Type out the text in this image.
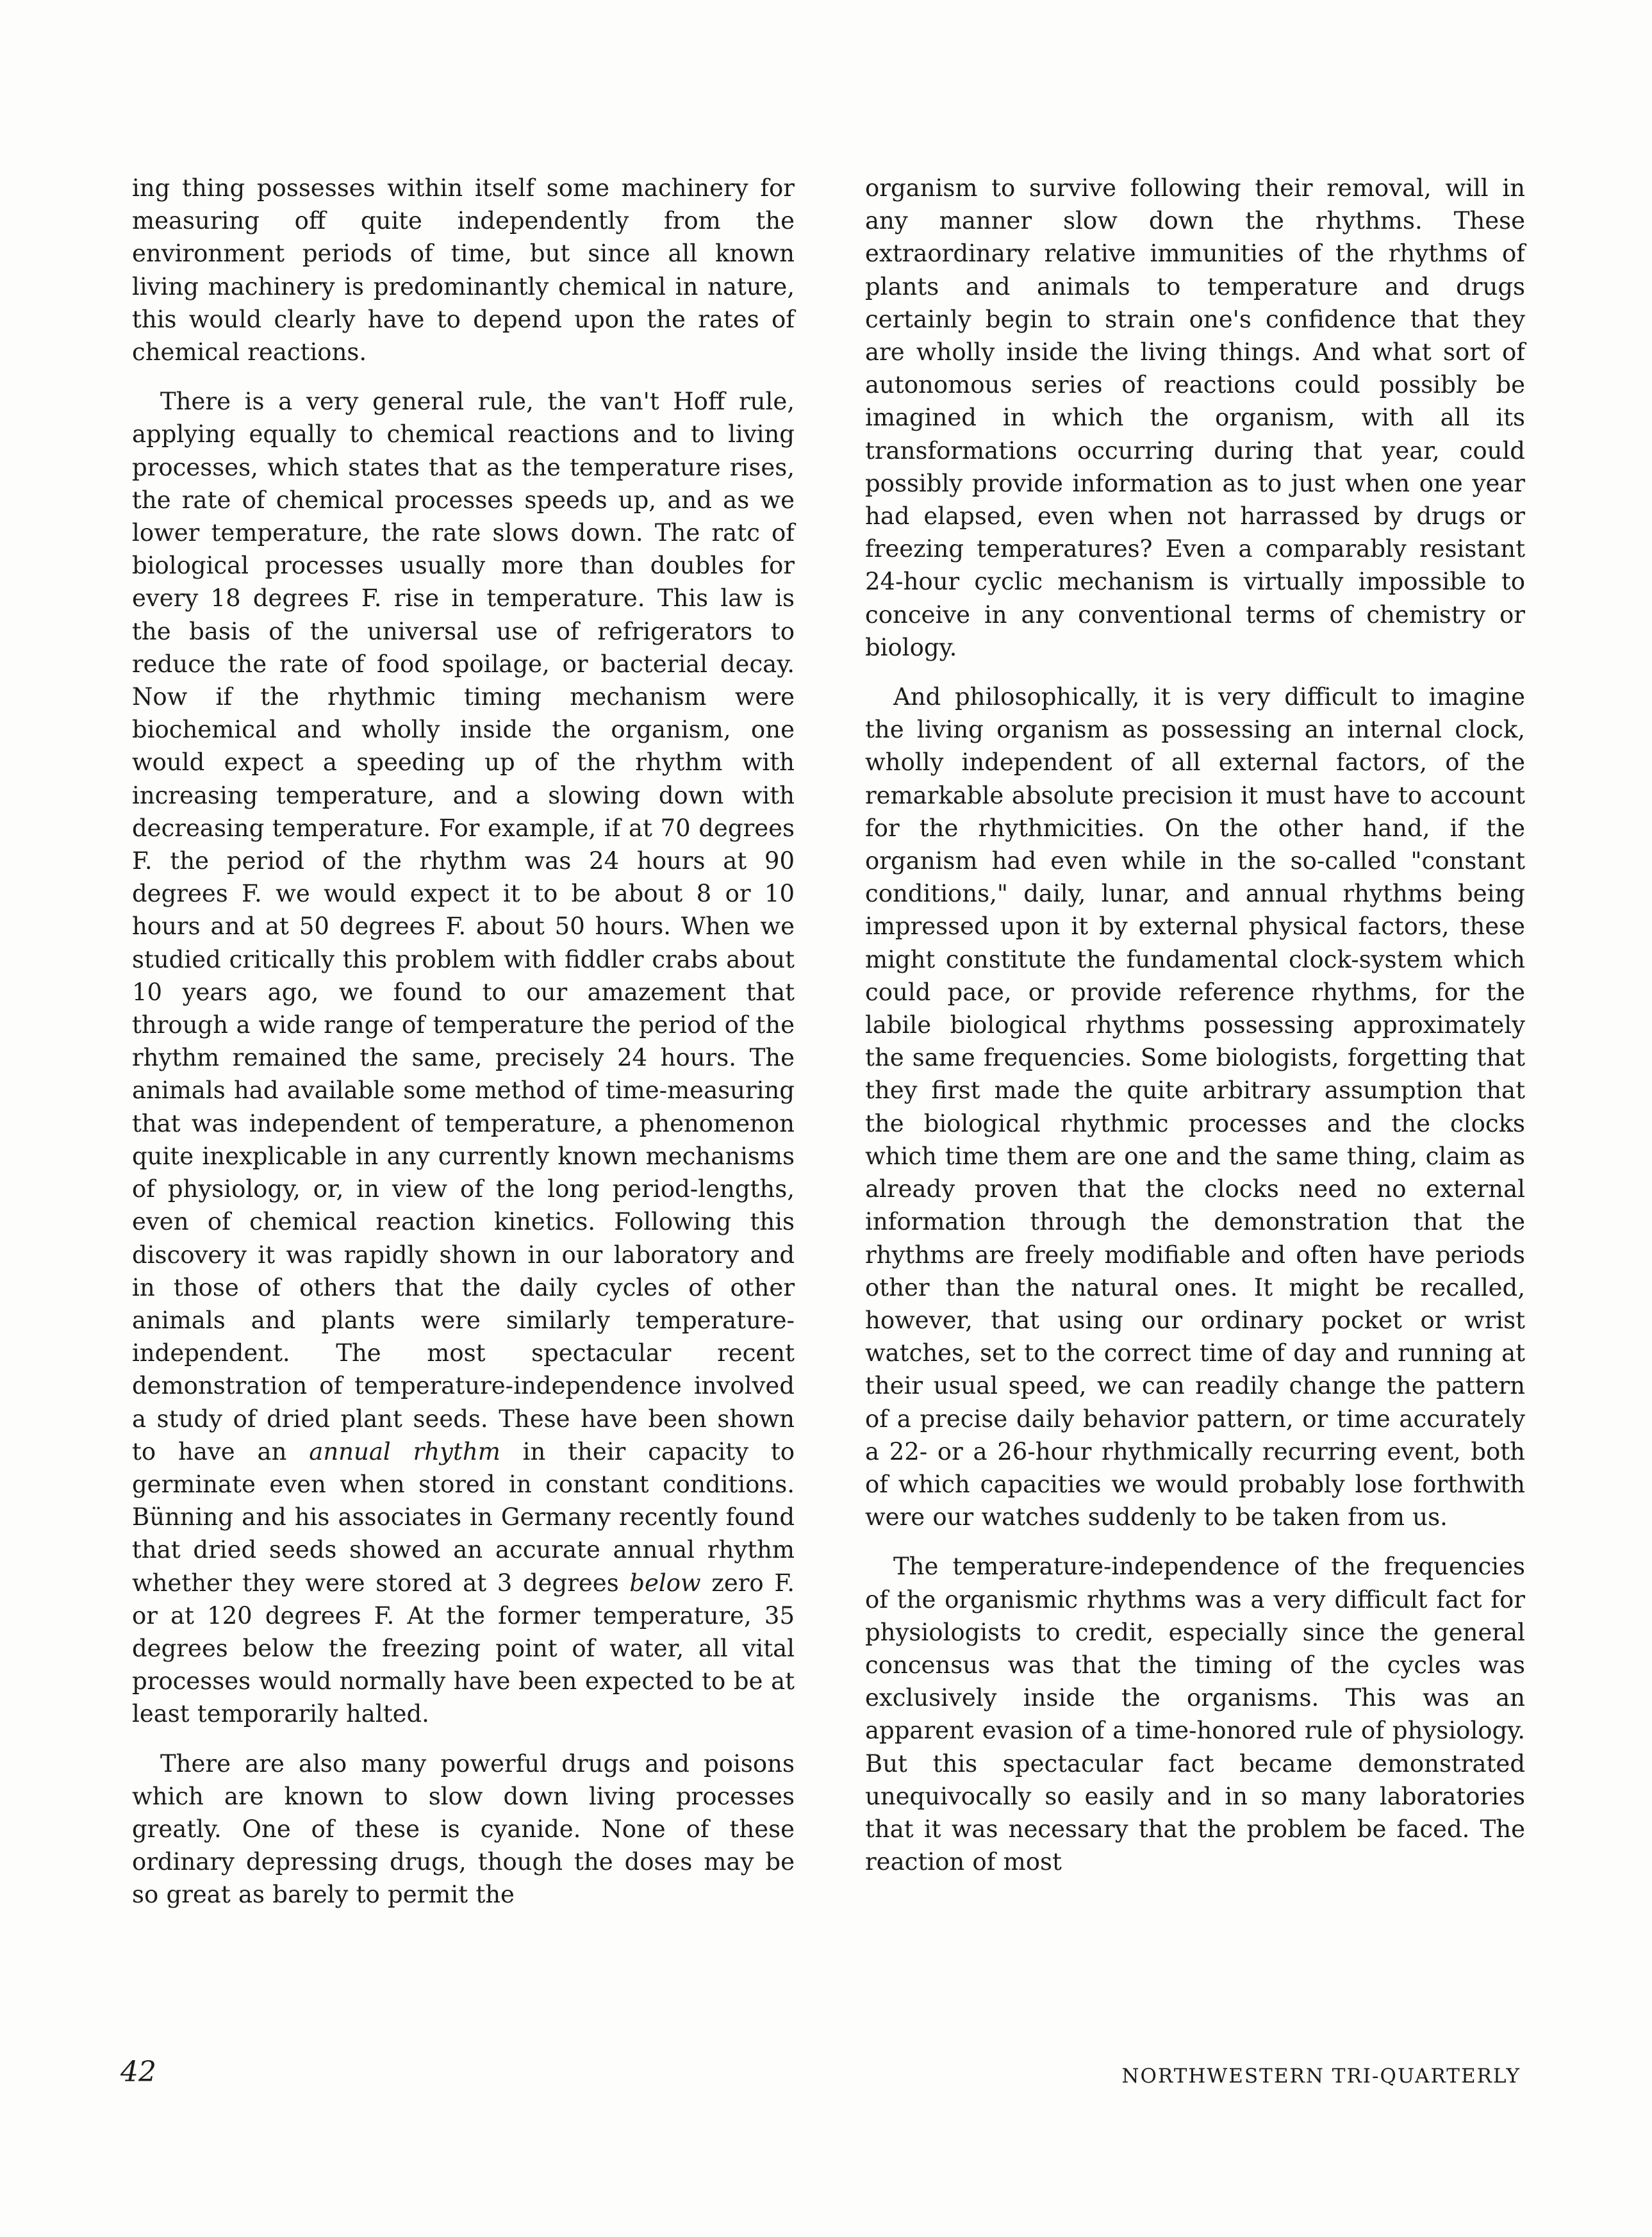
ing thing possesses within itself some machinery for measuring off quite independently from the environment periods of time, but since all known living machinery is predominantly chemical in nature, this would clearly have to depend upon the rates of chemical reactions.

There is a very general rule, the van't Hoff rule, applying equally to chemical reactions and to living processes, which states that as the temperature rises, the rate of chemical processes speeds up, and as we lower temperature, the rate slows down. The ratc of biological processes usually more than doubles for every 18 degrees F. rise in temperature. This law is the basis of the universal use of refrigerators to reduce the rate of food spoilage, or bacterial decay. Now if the rhythmic timing mechanism were biochemical and wholly inside the organism, one would expect a speeding up of the rhythm with increasing temperature, and a slowing down with decreasing temperature. For example, if at 70 degrees F. the period of the rhythm was 24 hours at 90 degrees F. we would expect it to be about 8 or 10 hours and at 50 degrees F. about 50 hours. When we studied critically this problem with fiddler crabs about 10 years ago, we found to our amazement that through a wide range of temperature the period of the rhythm remained the same, precisely 24 hours. The animals had available some method of time-measuring that was independent of temperature, a phenomenon quite inexplicable in any currently known mechanisms of physiology, or, in view of the long period-lengths, even of chemical reaction kinetics. Following this discovery it was rapidly shown in our laboratory and in those of others that the daily cycles of other animals and plants were similarly temperature-independent. The most spectacular recent demonstration of temperature-independence involved a study of dried plant seeds. These have been shown to have an annual rhythm in their capacity to germinate even when stored in constant conditions. Bünning and his associates in Germany recently found that dried seeds showed an accurate annual rhythm whether they were stored at 3 degrees below zero F. or at 120 degrees F. At the former temperature, 35 degrees below the freezing point of water, all vital processes would normally have been expected to be at least temporarily halted.

There are also many powerful drugs and poisons which are known to slow down living processes greatly. One of these is cyanide. None of these ordinary depressing drugs, though the doses may be so great as barely to permit the

organism to survive following their removal, will in any manner slow down the rhythms. These extraordinary relative immunities of the rhythms of plants and animals to temperature and drugs certainly begin to strain one's confidence that they are wholly inside the living things. And what sort of autonomous series of reactions could possibly be imagined in which the organism, with all its transformations occurring during that year, could possibly provide information as to just when one year had elapsed, even when not harrassed by drugs or freezing temperatures? Even a comparably resistant 24-hour cyclic mechanism is virtually impossible to conceive in any conventional terms of chemistry or biology.

And philosophically, it is very difficult to imagine the living organism as possessing an internal clock, wholly independent of all external factors, of the remarkable absolute precision it must have to account for the rhythmicities. On the other hand, if the organism had even while in the so-called "constant conditions," daily, lunar, and annual rhythms being impressed upon it by external physical factors, these might constitute the fundamental clock-system which could pace, or provide reference rhythms, for the labile biological rhythms possessing approximately the same frequencies. Some biologists, forgetting that they first made the quite arbitrary assumption that the biological rhythmic processes and the clocks which time them are one and the same thing, claim as already proven that the clocks need no external information through the demonstration that the rhythms are freely modifiable and often have periods other than the natural ones. It might be recalled, however, that using our ordinary pocket or wrist watches, set to the correct time of day and running at their usual speed, we can readily change the pattern of a precise daily behavior pattern, or time accurately a 22- or a 26-hour rhythmically recurring event, both of which capacities we would probably lose forthwith were our watches suddenly to be taken from us.

The temperature-independence of the frequencies of the organismic rhythms was a very difficult fact for physiologists to credit, especially since the general concensus was that the timing of the cycles was exclusively inside the organisms. This was an apparent evasion of a time-honored rule of physiology. But this spectacular fact became demonstrated unequivocally so easily and in so many laboratories that it was necessary that the problem be faced. The reaction of most

42	NORTHWESTERN TRI-QUARTERLY
